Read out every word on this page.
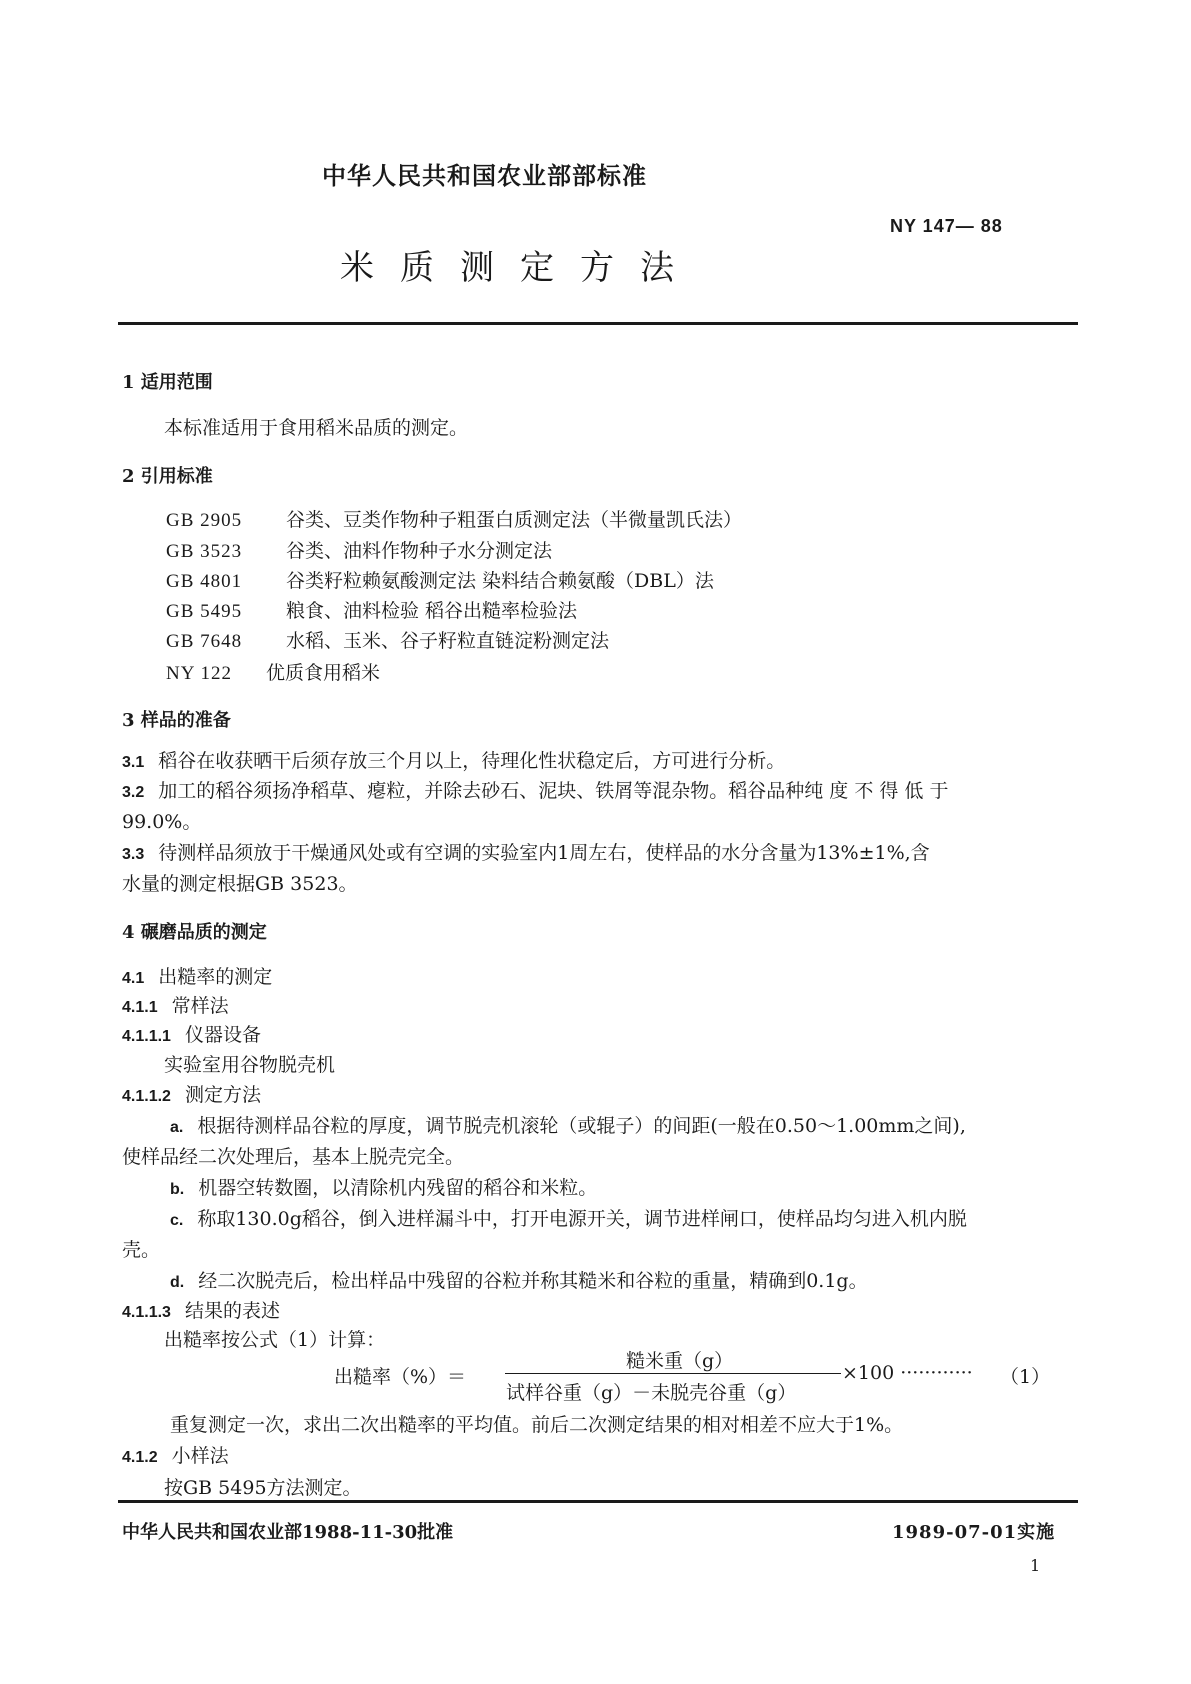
中华人民共和国农业部部标准
NY 147— 88
米质测定方法
1 适用范围
本标准适用于食用稻米品质的测定。
2 引用标准
GB 2905 谷类、豆类作物种子粗蛋白质测定法（半微量凯氏法）
GB 3523 谷类、油料作物种子水分测定法
GB 4801 谷类籽粒赖氨酸测定法 染料结合赖氨酸（DBL）法
GB 5495 粮食、油料检验 稻谷出糙率检验法
GB 7648 水稻、玉米、谷子籽粒直链淀粉测定法
NY 122 优质食用稻米
3 样品的准备
3.1 稻谷在收获晒干后须存放三个月以上，待理化性状稳定后，方可进行分析。
3.2 加工的稻谷须扬净稻草、瘪粒，并除去砂石、泥块、铁屑等混杂物。稻谷品种纯 度 不 得 低 于
99.0%。
3.3 待测样品须放于干燥通风处或有空调的实验室内1周左右，使样品的水分含量为13%±1%,含
水量的测定根据GB 3523。
4 碾磨品质的测定
4.1 出糙率的测定
4.1.1 常样法
4.1.1.1 仪器设备
实验室用谷物脱壳机
4.1.1.2 测定方法
a. 根据待测样品谷粒的厚度，调节脱壳机滚轮（或辊子）的间距(一般在0.50～1.00mm之间),
使样品经二次处理后，基本上脱壳完全。
b. 机器空转数圈，以清除机内残留的稻谷和米粒。
c. 称取130.0g稻谷，倒入进样漏斗中，打开电源开关，调节进样闸口，使样品均匀进入机内脱
壳。
d. 经二次脱壳后，检出样品中残留的谷粒并称其糙米和谷粒的重量，精确到0.1g。
4.1.1.3 结果的表述
出糙率按公式（1）计算：
出糙率（%）＝
糙米重（g）
试样谷重（g）－未脱壳谷重（g）
×100 ············ （1）
重复测定一次，求出二次出糙率的平均值。前后二次测定结果的相对相差不应大于1%。
4.1.2 小样法
按GB 5495方法测定。
中华人民共和国农业部1988-11-30批准	1989-07-01实施
1
